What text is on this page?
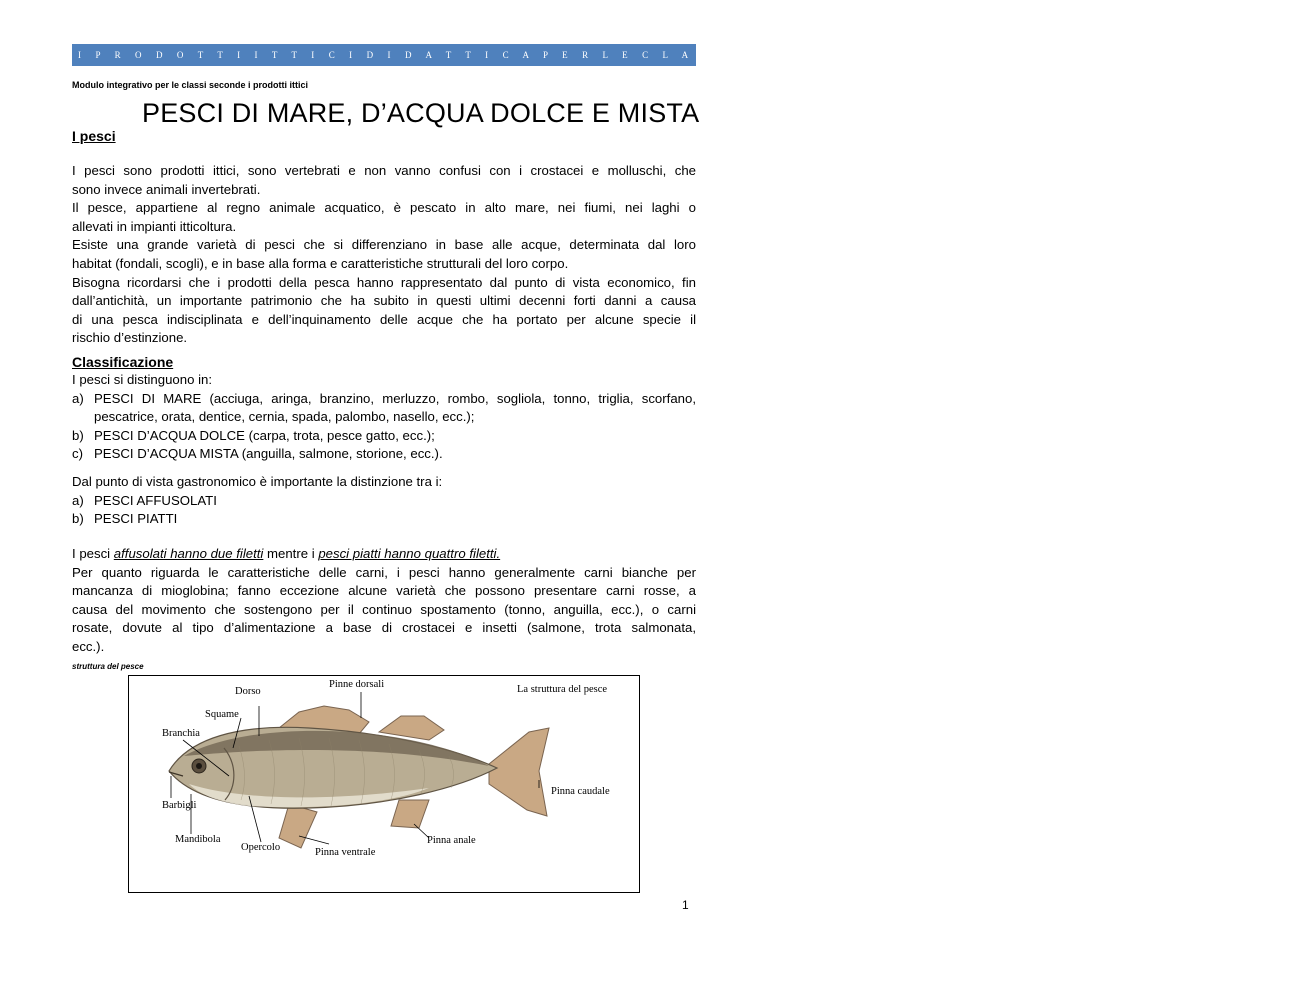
I P R O D O T T I I T T I C I D I D A T T I C A P E R L E C L A S S I S E C O N D E P R O F . G I U S E P P E A Z Z A R O N E
Modulo integrativo per le classi seconde i prodotti ittici
PESCI DI MARE, D’ACQUA DOLCE E MISTA
I pesci
I pesci sono prodotti ittici, sono vertebrati e non vanno confusi con i crostacei e molluschi, che
sono invece animali invertebrati.
Il pesce, appartiene al regno animale acquatico, è pescato in alto mare, nei fiumi, nei laghi o
allevati in impianti itticoltura.
Esiste una grande varietà di pesci che si differenziano in base alle acque, determinata dal loro
habitat (fondali, scogli), e in base alla forma e caratteristiche strutturali del loro corpo.
Bisogna ricordarsi che i prodotti della pesca hanno rappresentato dal punto di vista economico, fin
dall’antichità, un importante patrimonio che ha subito in questi ultimi decenni forti danni a causa
di una pesca indisciplinata e dell’inquinamento delle acque che ha portato per alcune specie il
rischio d’estinzione.
Classificazione
I pesci si distinguono in:
a) PESCI DI MARE (acciuga, aringa, branzino, merluzzo, rombo, sogliola, tonno, triglia, scorfano, pescatrice, orata, dentice, cernia, spada, palombo, nasello, ecc.);
b) PESCI D’ACQUA DOLCE (carpa, trota, pesce gatto, ecc.);
c) PESCI D’ACQUA MISTA (anguilla, salmone, storione, ecc.).
Dal punto di vista gastronomico è importante la distinzione tra i:
a) PESCI AFFUSOLATI
b) PESCI PIATTI
I pesci affusolati hanno due filetti mentre i pesci piatti hanno quattro filetti.
Per quanto riguarda le caratteristiche delle carni, i pesci hanno generalmente carni bianche per
mancanza di mioglobina; fanno eccezione alcune varietà che possono presentare carni rosse, a
causa del movimento che sostengono per il continuo spostamento (tonno, anguilla, ecc.), o carni
rosate, dovute al tipo d’alimentazione a base di crostacei e insetti (salmone, trota salmonata,
ecc.).
struttura del pesce
La struttura del pesce
Dorso
Pinne dorsali
Squame
Branchia
Pinna caudale
Barbigli
Mandibola
Opercolo	Pinna ventrale
Pinna anale
1
